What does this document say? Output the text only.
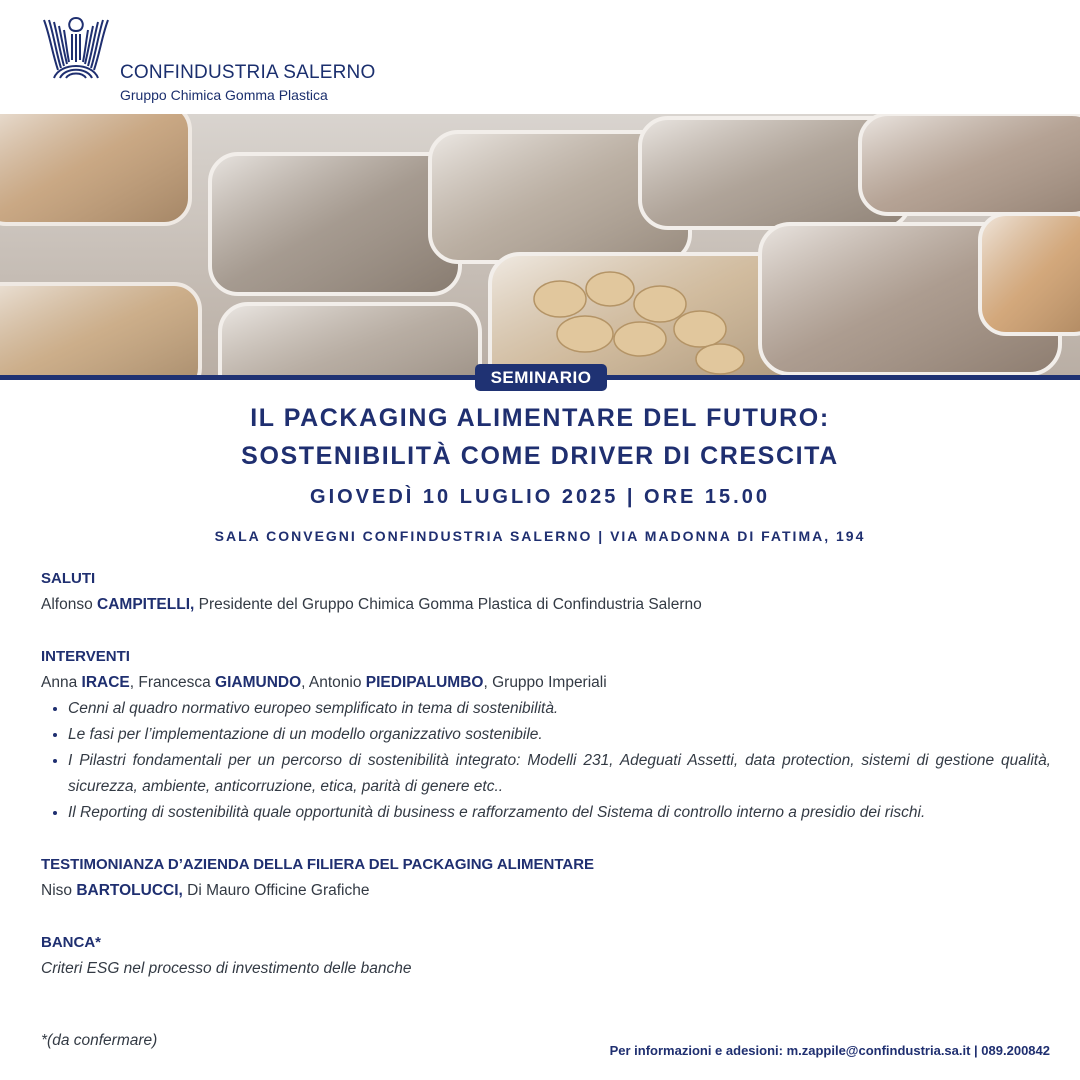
CONFINDUSTRIA SALERNO
Gruppo Chimica Gomma Plastica
SEMINARIO
IL PACKAGING ALIMENTARE DEL FUTURO:
SOSTENIBILITÀ COME DRIVER DI CRESCITA
GIOVEDÌ 10 LUGLIO 2025 | ORE 15.00
SALA CONVEGNI CONFINDUSTRIA SALERNO | VIA MADONNA DI FATIMA, 194
SALUTI
Alfonso CAMPITELLI, Presidente del Gruppo Chimica Gomma Plastica di Confindustria Salerno
INTERVENTI
Anna IRACE, Francesca GIAMUNDO, Antonio PIEDIPALUMBO, Gruppo Imperiali
• Cenni al quadro normativo europeo semplificato in tema di sostenibilità.
• Le fasi per l’implementazione di un modello organizzativo sostenibile.
• I Pilastri fondamentali per un percorso di sostenibilità integrato: Modelli 231, Adeguati Assetti, data protection, sistemi di gestione qualità, sicurezza, ambiente, anticorruzione, etica, parità di genere etc..
• Il Reporting di sostenibilità quale opportunità di business e rafforzamento del Sistema di controllo interno a presidio dei rischi.
TESTIMONIANZA D’AZIENDA DELLA FILIERA DEL PACKAGING ALIMENTARE
Niso BARTOLUCCI, Di Mauro Officine Grafiche
BANCA*
Criteri ESG nel processo di investimento delle banche
*(da confermare)
Per informazioni e adesioni: m.zappile@confindustria.sa.it | 089.200842
